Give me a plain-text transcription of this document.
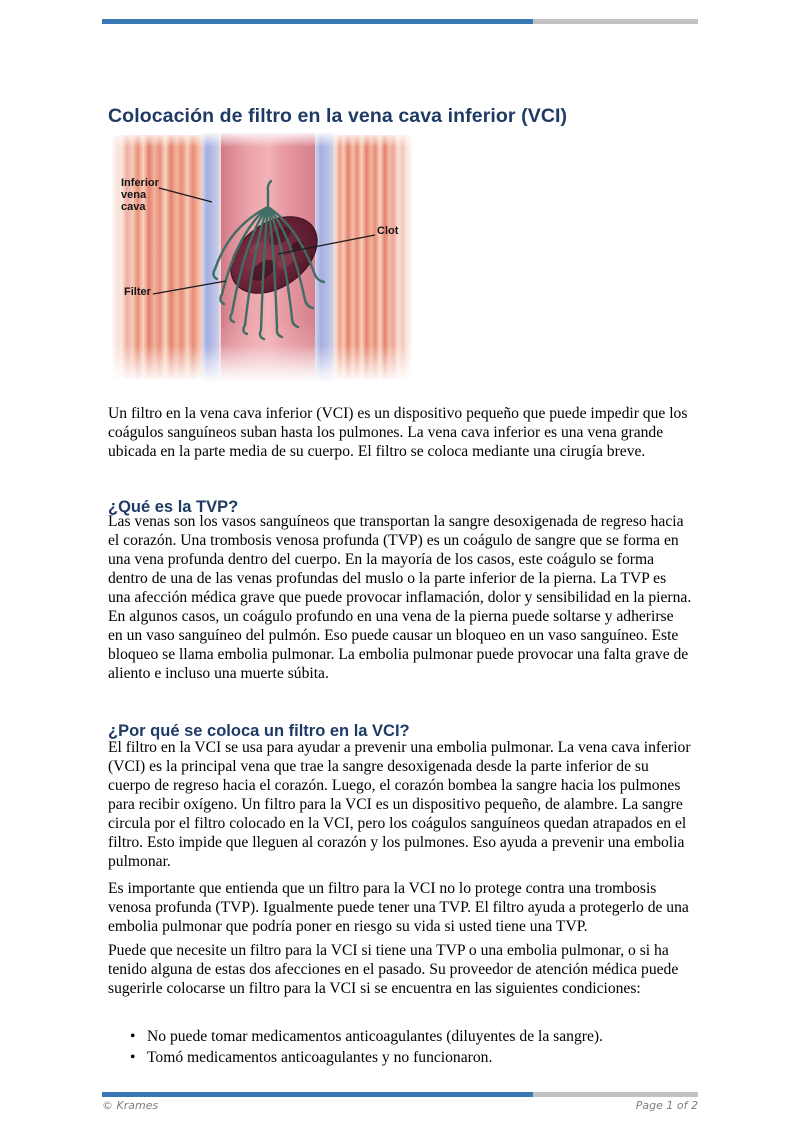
Colocación de filtro en la vena cava inferior (VCI)
Inferior vena cava
Clot
Filter

Un filtro en la vena cava inferior (VCI) es un dispositivo pequeño que puede impedir que los coágulos sanguíneos suban hasta los pulmones. La vena cava inferior es una vena grande ubicada en la parte media de su cuerpo. El filtro se coloca mediante una cirugía breve.

¿Qué es la TVP?

Las venas son los vasos sanguíneos que transportan la sangre desoxigenada de regreso hacia el corazón. Una trombosis venosa profunda (TVP) es un coágulo de sangre que se forma en una vena profunda dentro del cuerpo. En la mayoría de los casos, este coágulo se forma dentro de una de las venas profundas del muslo o la parte inferior de la pierna. La TVP es una afección médica grave que puede provocar inflamación, dolor y sensibilidad en la pierna. En algunos casos, un coágulo profundo en una vena de la pierna puede soltarse y adherirse en un vaso sanguíneo del pulmón. Eso puede causar un bloqueo en un vaso sanguíneo. Este bloqueo se llama embolia pulmonar. La embolia pulmonar puede provocar una falta grave de aliento e incluso una muerte súbita.

¿Por qué se coloca un filtro en la VCI?

El filtro en la VCI se usa para ayudar a prevenir una embolia pulmonar. La vena cava inferior (VCI) es la principal vena que trae la sangre desoxigenada desde la parte inferior de su cuerpo de regreso hacia el corazón. Luego, el corazón bombea la sangre hacia los pulmones para recibir oxígeno. Un filtro para la VCI es un dispositivo pequeño, de alambre. La sangre circula por el filtro colocado en la VCI, pero los coágulos sanguíneos quedan atrapados en el filtro. Esto impide que lleguen al corazón y los pulmones. Eso ayuda a prevenir una embolia pulmonar.

Es importante que entienda que un filtro para la VCI no lo protege contra una trombosis venosa profunda (TVP). Igualmente puede tener una TVP. El filtro ayuda a protegerlo de una embolia pulmonar que podría poner en riesgo su vida si usted tiene una TVP.

Puede que necesite un filtro para la VCI si tiene una TVP o una embolia pulmonar, o si ha tenido alguna de estas dos afecciones en el pasado. Su proveedor de atención médica puede sugerirle colocarse un filtro para la VCI si se encuentra en las siguientes condiciones:

• No puede tomar medicamentos anticoagulantes (diluyentes de la sangre).
• Tomó medicamentos anticoagulantes y no funcionaron.
© Krames	Page 1 of 2
